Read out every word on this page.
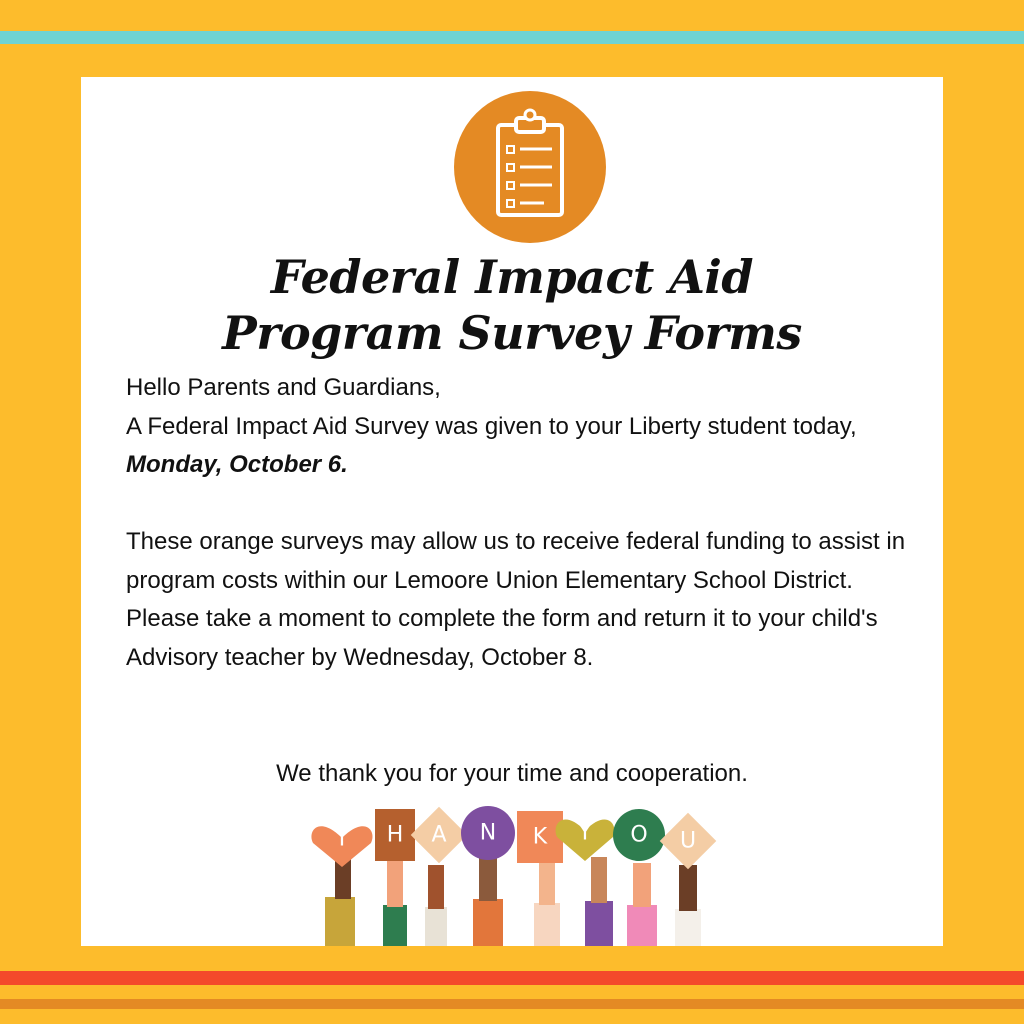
Federal Impact Aid
Program Survey Forms

Hello Parents and Guardians,

A Federal Impact Aid Survey was given to your Liberty student today, Monday, October 6.

These orange surveys may allow us to receive federal funding to assist in program costs within our Lemoore Union Elementary School District. Please take a moment to complete the form and return it to your child's Advisory teacher by Wednesday, October 8.

We thank you for your time and cooperation.

T H A N K Y O U
